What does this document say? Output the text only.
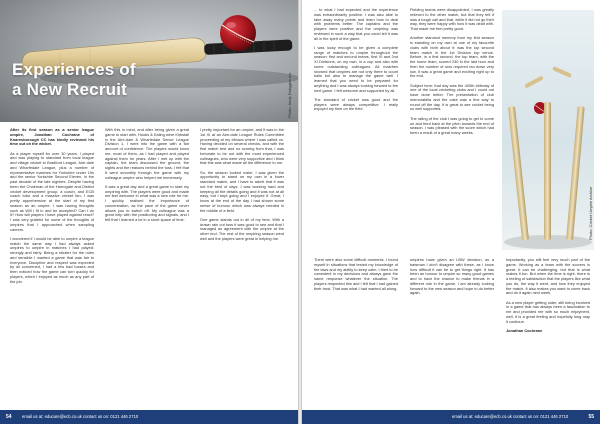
Experiences of
a New Recruit	Photo: Andy Dwiggins Inc.

After its first season as a senior league umpire, Jonathan Cochrane of Knaresborough CC has kindly reviewed his time out on the wicket.

As a player myself for over 30 years, I played and was playing to standard from local league and village cricket to Bradford League, Aire-dale and Wharfedale League, plus a number of representative matches for Yorkshire under 19s and the senior Yorkshire Second Eleven. In the past decade of the late eighties. Despite having been the Chairman of the Harrogate and District cricket development group, a coach, and ECB coach tutor and a massive cricket fan, I was pretty apprehensive at the start of my first season as an umpire. I was having thoughts such as Will I fit in and be accepted? Can I do it? How will players I have played against react? I was very grateful for some of the thoughts of umpires that I approached when sampling careers.

I wondered if I would be able to umpire a league match the same way I had always asked umpires to umpire in matches I had played: strongly and fairly. Being a stickler for the rules and sensible I wanted a game that was fair to everyone. Discipline and respect was expected by all concerned, I had a few bad tosses and then noticed how the game can turn quickly for players, which I enjoyed as much as any part of the job.

With this in mind, and after being given a great game to start with, Hoobs & Ealing were Kirkstall in the Aire-dale & Wharfedale Senior League Division 1, I went into the game with a fair amount of confidence. The players would know me, most of them, as I had played and played against them for years. After I met up with the captain, the team discussed the ground, the sights and the reasons behind the toss. I felt that it went smoothly through the game with my colleague umpire who helped me immensely.

It was a great day and a great game to start my umpiring with. The players were good and made me feel welcome in what was a new role for me. I quickly realised the importance of concentration, as the pace of the game never allows you to switch off. My colleague was a great help with the positioning and signals, and I felt that I learned a lot in a short space of time.

I pretty important for an umpire, and it was in the 1st XI at an Aire-dale League Rules Committee proceeding at my elbows where I was called on. Having decided on several checks, and with the first match test and no scoring from that, I was fortunate to be out with the most experienced colleagues, who were very supportive and I think that this was what made all the difference to me.

So, the season looked rosier, I was given the opportunity to stand on my own in a lower standard match, and I have to admit that it was not the best of days. I was working hard and keeping all the details going and it was not at all easy, but I kept going and I enjoyed it. Great, I know at the end of the day I had shown some sense of humour which was always needed in the middle of a field.

One game stands out in all of my time, With a drawn rain cut toss it was good to see and that I managed an agreement with the umpire at the other end. The rest of the umpiring season went well and the players were great in helping me.

54 email us at: educare@ecb.co.uk contact us on: 0121 446 2710

... to what I had expected and the experience was extraordinarily positive. I was also able to take away many points and learn how to deal with problems better. The captains and the players were positive and the umpiring was reviewed in such a way that you could tell it was all in the spirit of the game.

I was lucky enough to be given a complete range of matches to umpire throughout the season: first and second teams, first XI and 2nd XI Divisions, on my own, in a cup and also with some outstanding colleagues. All matches showed that umpires are not only there to count balls but also to manage the game well. I learned that you need to be prepared for anything and I was always looking forward to the next game. I felt welcome and supported by all.

The standard of cricket was good and the players were always competitive. I really enjoyed my time on the field.

There were also some difficult moments. I found myself in situations that tested my knowledge of the laws and my ability to keep calm. I tried to be consistent in my decisions and always gave the same response whatever the situation. The players respected this and I felt that I had gained their trust. That was what I had wanted all along.

Fielding teams were disappointed, I was greatly relieved to the other match, but that they felt it was a tough call and that, while it did not go their way, they were happy with how it was dealt with. That made me feel pretty good.

Another standout memory from my first season is standing on my own at one of my favourite clubs with both about it: was the top second team match in the 1st Division top venue. Before, in a first second, the top team, with the the home team, scored 230 in the last hour and then the number of runs required ran down very low. It was a great game and exciting right up to the end.

Subject here: that day was the 400th birthday of one of the local cricketing clubs and I could not have done better. The presentation of club memorabilia and the cake was a fine way to round off the day. It is great to see cricket being so well supported.

The rating of the club I was going to get to come on and feed back at the pitch towards the end of season. I was pleased with the score which had been a result of a great many weeks.

umpires have given an LBW decision, as a batsman I don't disagree with these, as I know how difficult it can be to get things right. It has been an honour to umpire so many good games and to have the chance to make friends in a different role in the game. I am already looking forward to the new season and hope to do better again.

Photo: Cricket Umpire Archive

Importantly, you still feel very much part of the game. Working as a team with the scorers is great. It can be challenging, but that is what makes it fun. But when the time is right, there is a feeling of satisfaction that the players like what you do, the way it went, and how they enjoyed the match. It also makes you want to come back and do it again next week.

As a new player getting older, still being involved in a game that has always been a fascination to me and provided me with so much enjoyment, well, it is a great feeling and hopefully long may it continue.

Jonathan Cochrane

email us at: educare@ecb.co.uk contact us on: 0121 446 2710	55
